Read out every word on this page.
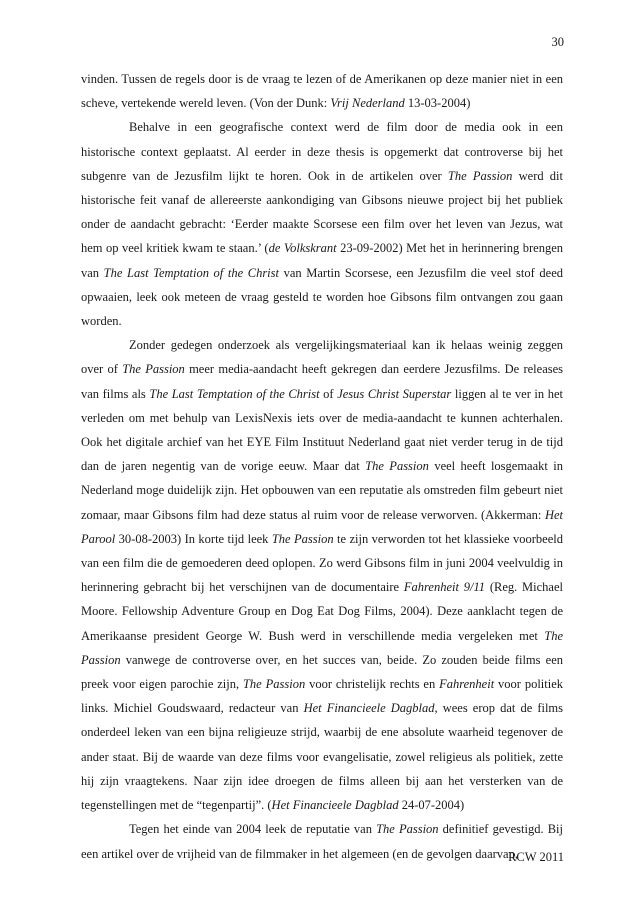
30

vinden. Tussen de regels door is de vraag te lezen of de Amerikanen op deze manier niet in een scheve, vertekende wereld leven. (Von der Dunk: Vrij Nederland 13-03-2004)

Behalve in een geografische context werd de film door de media ook in een historische context geplaatst. Al eerder in deze thesis is opgemerkt dat controverse bij het subgenre van de Jezusfilm lijkt te horen. Ook in de artikelen over The Passion werd dit historische feit vanaf de allereerste aankondiging van Gibsons nieuwe project bij het publiek onder de aandacht gebracht: ‘Eerder maakte Scorsese een film over het leven van Jezus, wat hem op veel kritiek kwam te staan.’ (de Volkskrant 23-09-2002) Met het in herinnering brengen van The Last Temptation of the Christ van Martin Scorsese, een Jezusfilm die veel stof deed opwaaien, leek ook meteen de vraag gesteld te worden hoe Gibsons film ontvangen zou gaan worden.

Zonder gedegen onderzoek als vergelijkingsmateriaal kan ik helaas weinig zeggen over of The Passion meer media-aandacht heeft gekregen dan eerdere Jezusfilms. De releases van films als The Last Temptation of the Christ of Jesus Christ Superstar liggen al te ver in het verleden om met behulp van LexisNexis iets over de media-aandacht te kunnen achterhalen. Ook het digitale archief van het EYE Film Instituut Nederland gaat niet verder terug in de tijd dan de jaren negentig van de vorige eeuw. Maar dat The Passion veel heeft losgemaakt in Nederland moge duidelijk zijn. Het opbouwen van een reputatie als omstreden film gebeurt niet zomaar, maar Gibsons film had deze status al ruim voor de release verworven. (Akkerman: Het Parool 30-08-2003) In korte tijd leek The Passion te zijn verworden tot het klassieke voorbeeld van een film die de gemoederen deed oplopen. Zo werd Gibsons film in juni 2004 veelvuldig in herinnering gebracht bij het verschijnen van de documentaire Fahrenheit 9/11 (Reg. Michael Moore. Fellowship Adventure Group en Dog Eat Dog Films, 2004). Deze aanklacht tegen de Amerikaanse president George W. Bush werd in verschillende media vergeleken met The Passion vanwege de controverse over, en het succes van, beide. Zo zouden beide films een preek voor eigen parochie zijn, The Passion voor christelijk rechts en Fahrenheit voor politiek links. Michiel Goudswaard, redacteur van Het Financieele Dagblad, wees erop dat de films onderdeel leken van een bijna religieuze strijd, waarbij de ene absolute waarheid tegenover de ander staat. Bij de waarde van deze films voor evangelisatie, zowel religieus als politiek, zette hij zijn vraagtekens. Naar zijn idee droegen de films alleen bij aan het versterken van de tegenstellingen met de “tegenpartij”. (Het Financieele Dagblad 24-07-2004)

Tegen het einde van 2004 leek de reputatie van The Passion definitief gevestigd. Bij een artikel over de vrijheid van de filmmaker in het algemeen (en de gevolgen daarvan,

RCW 2011
